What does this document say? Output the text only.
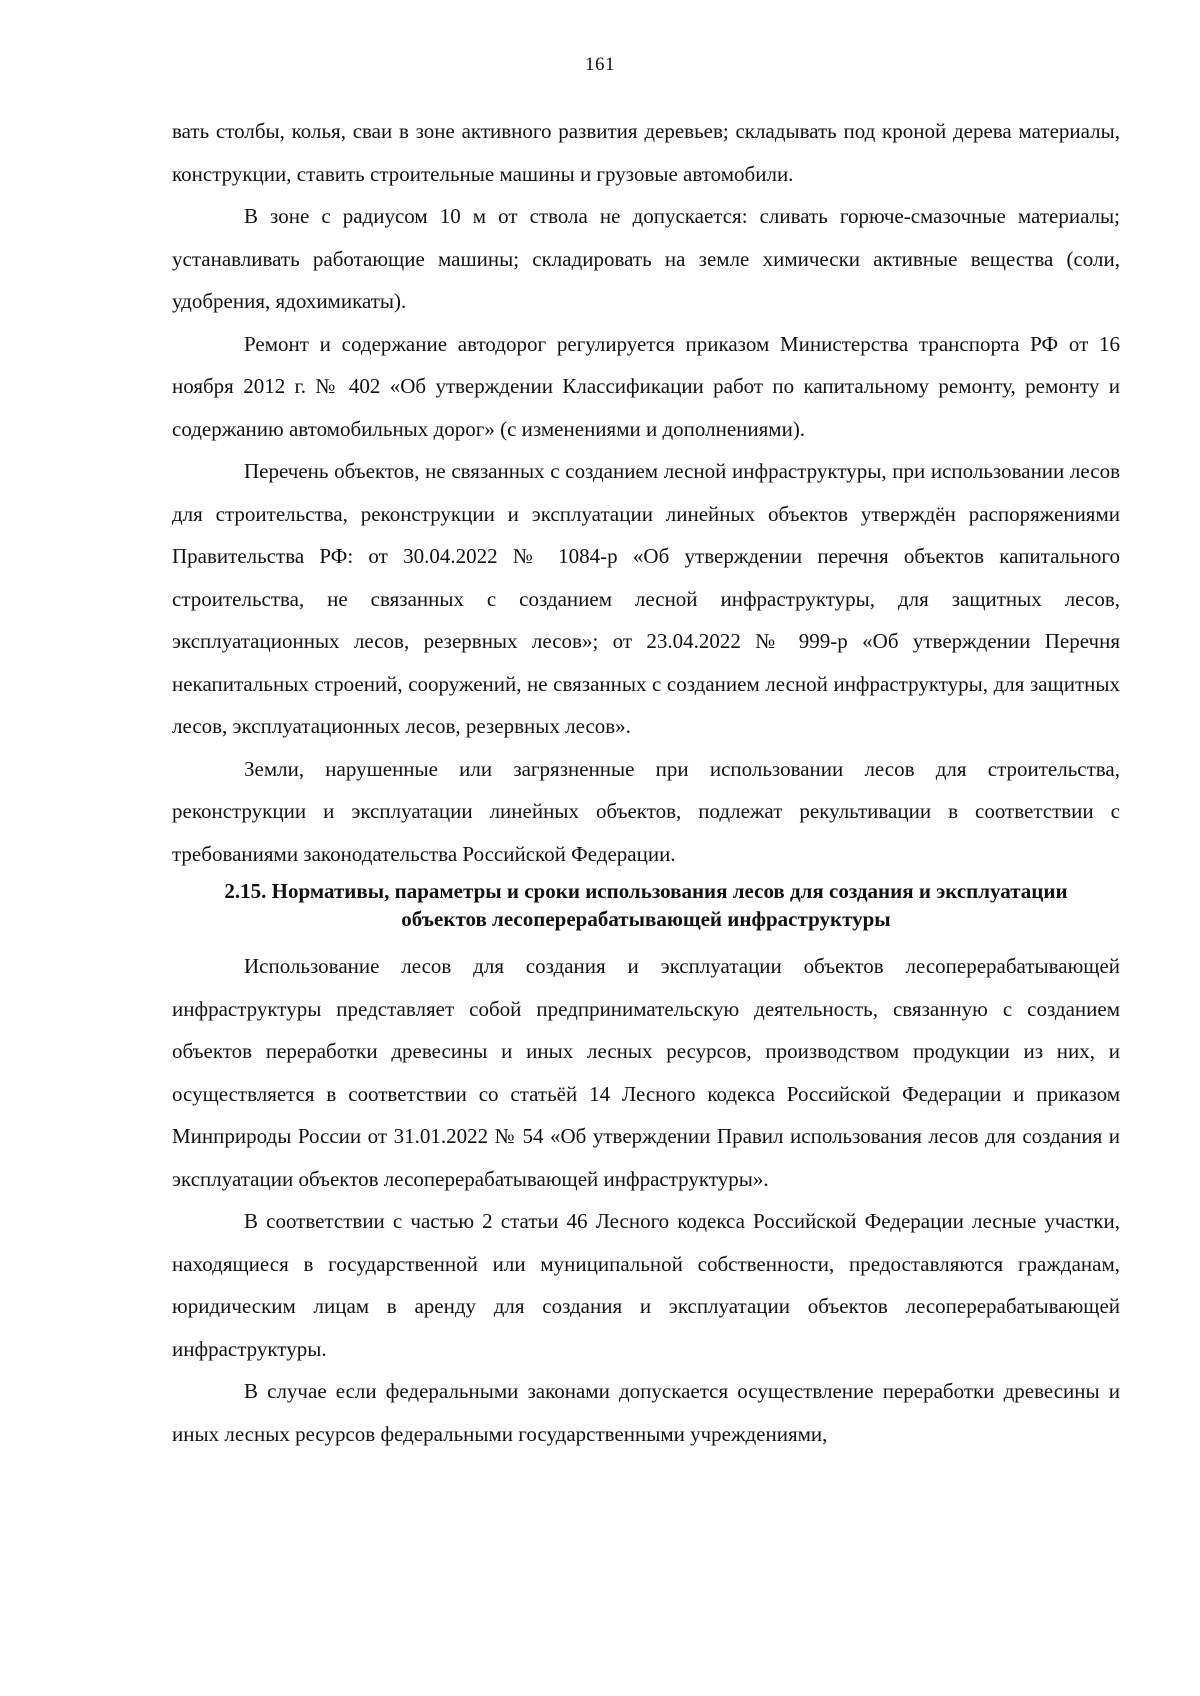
161

вать столбы, колья, сваи в зоне активного развития деревьев; складывать под кроной дерева материалы, конструкции, ставить строительные машины и грузовые автомобили.

В зоне с радиусом 10 м от ствола не допускается: сливать горюче-смазочные материалы; устанавливать работающие машины; складировать на земле химически активные вещества (соли, удобрения, ядохимикаты).

Ремонт и содержание автодорог регулируется приказом Министерства транспорта РФ от 16 ноября 2012 г. № 402 «Об утверждении Классификации работ по капитальному ремонту, ремонту и содержанию автомобильных дорог» (с изменениями и дополнениями).

Перечень объектов, не связанных с созданием лесной инфраструктуры, при использовании лесов для строительства, реконструкции и эксплуатации линейных объектов утверждён распоряжениями Правительства РФ: от 30.04.2022 № 1084-р «Об утверждении перечня объектов капитального строительства, не связанных с созданием лесной инфраструктуры, для защитных лесов, эксплуатационных лесов, резервных лесов»; от 23.04.2022 № 999-р «Об утверждении Перечня некапитальных строений, сооружений, не связанных с созданием лесной инфраструктуры, для защитных лесов, эксплуатационных лесов, резервных лесов».

Земли, нарушенные или загрязненные при использовании лесов для строительства, реконструкции и эксплуатации линейных объектов, подлежат рекультивации в соответствии с требованиями законодательства Российской Федерации.

2.15. Нормативы, параметры и сроки использования лесов для создания и эксплуатации объектов лесоперерабатывающей инфраструктуры

Использование лесов для создания и эксплуатации объектов лесоперерабатывающей инфраструктуры представляет собой предпринимательскую деятельность, связанную с созданием объектов переработки древесины и иных лесных ресурсов, производством продукции из них, и осуществляется в соответствии со статьёй 14 Лесного кодекса Российской Федерации и приказом Минприроды России от 31.01.2022 № 54 «Об утверждении Правил использования лесов для создания и эксплуатации объектов лесоперерабатывающей инфраструктуры».

В соответствии с частью 2 статьи 46 Лесного кодекса Российской Федерации лесные участки, находящиеся в государственной или муниципальной собственности, предоставляются гражданам, юридическим лицам в аренду для создания и эксплуатации объектов лесоперерабатывающей инфраструктуры.

В случае если федеральными законами допускается осуществление переработки древесины и иных лесных ресурсов федеральными государственными учреждениями,
